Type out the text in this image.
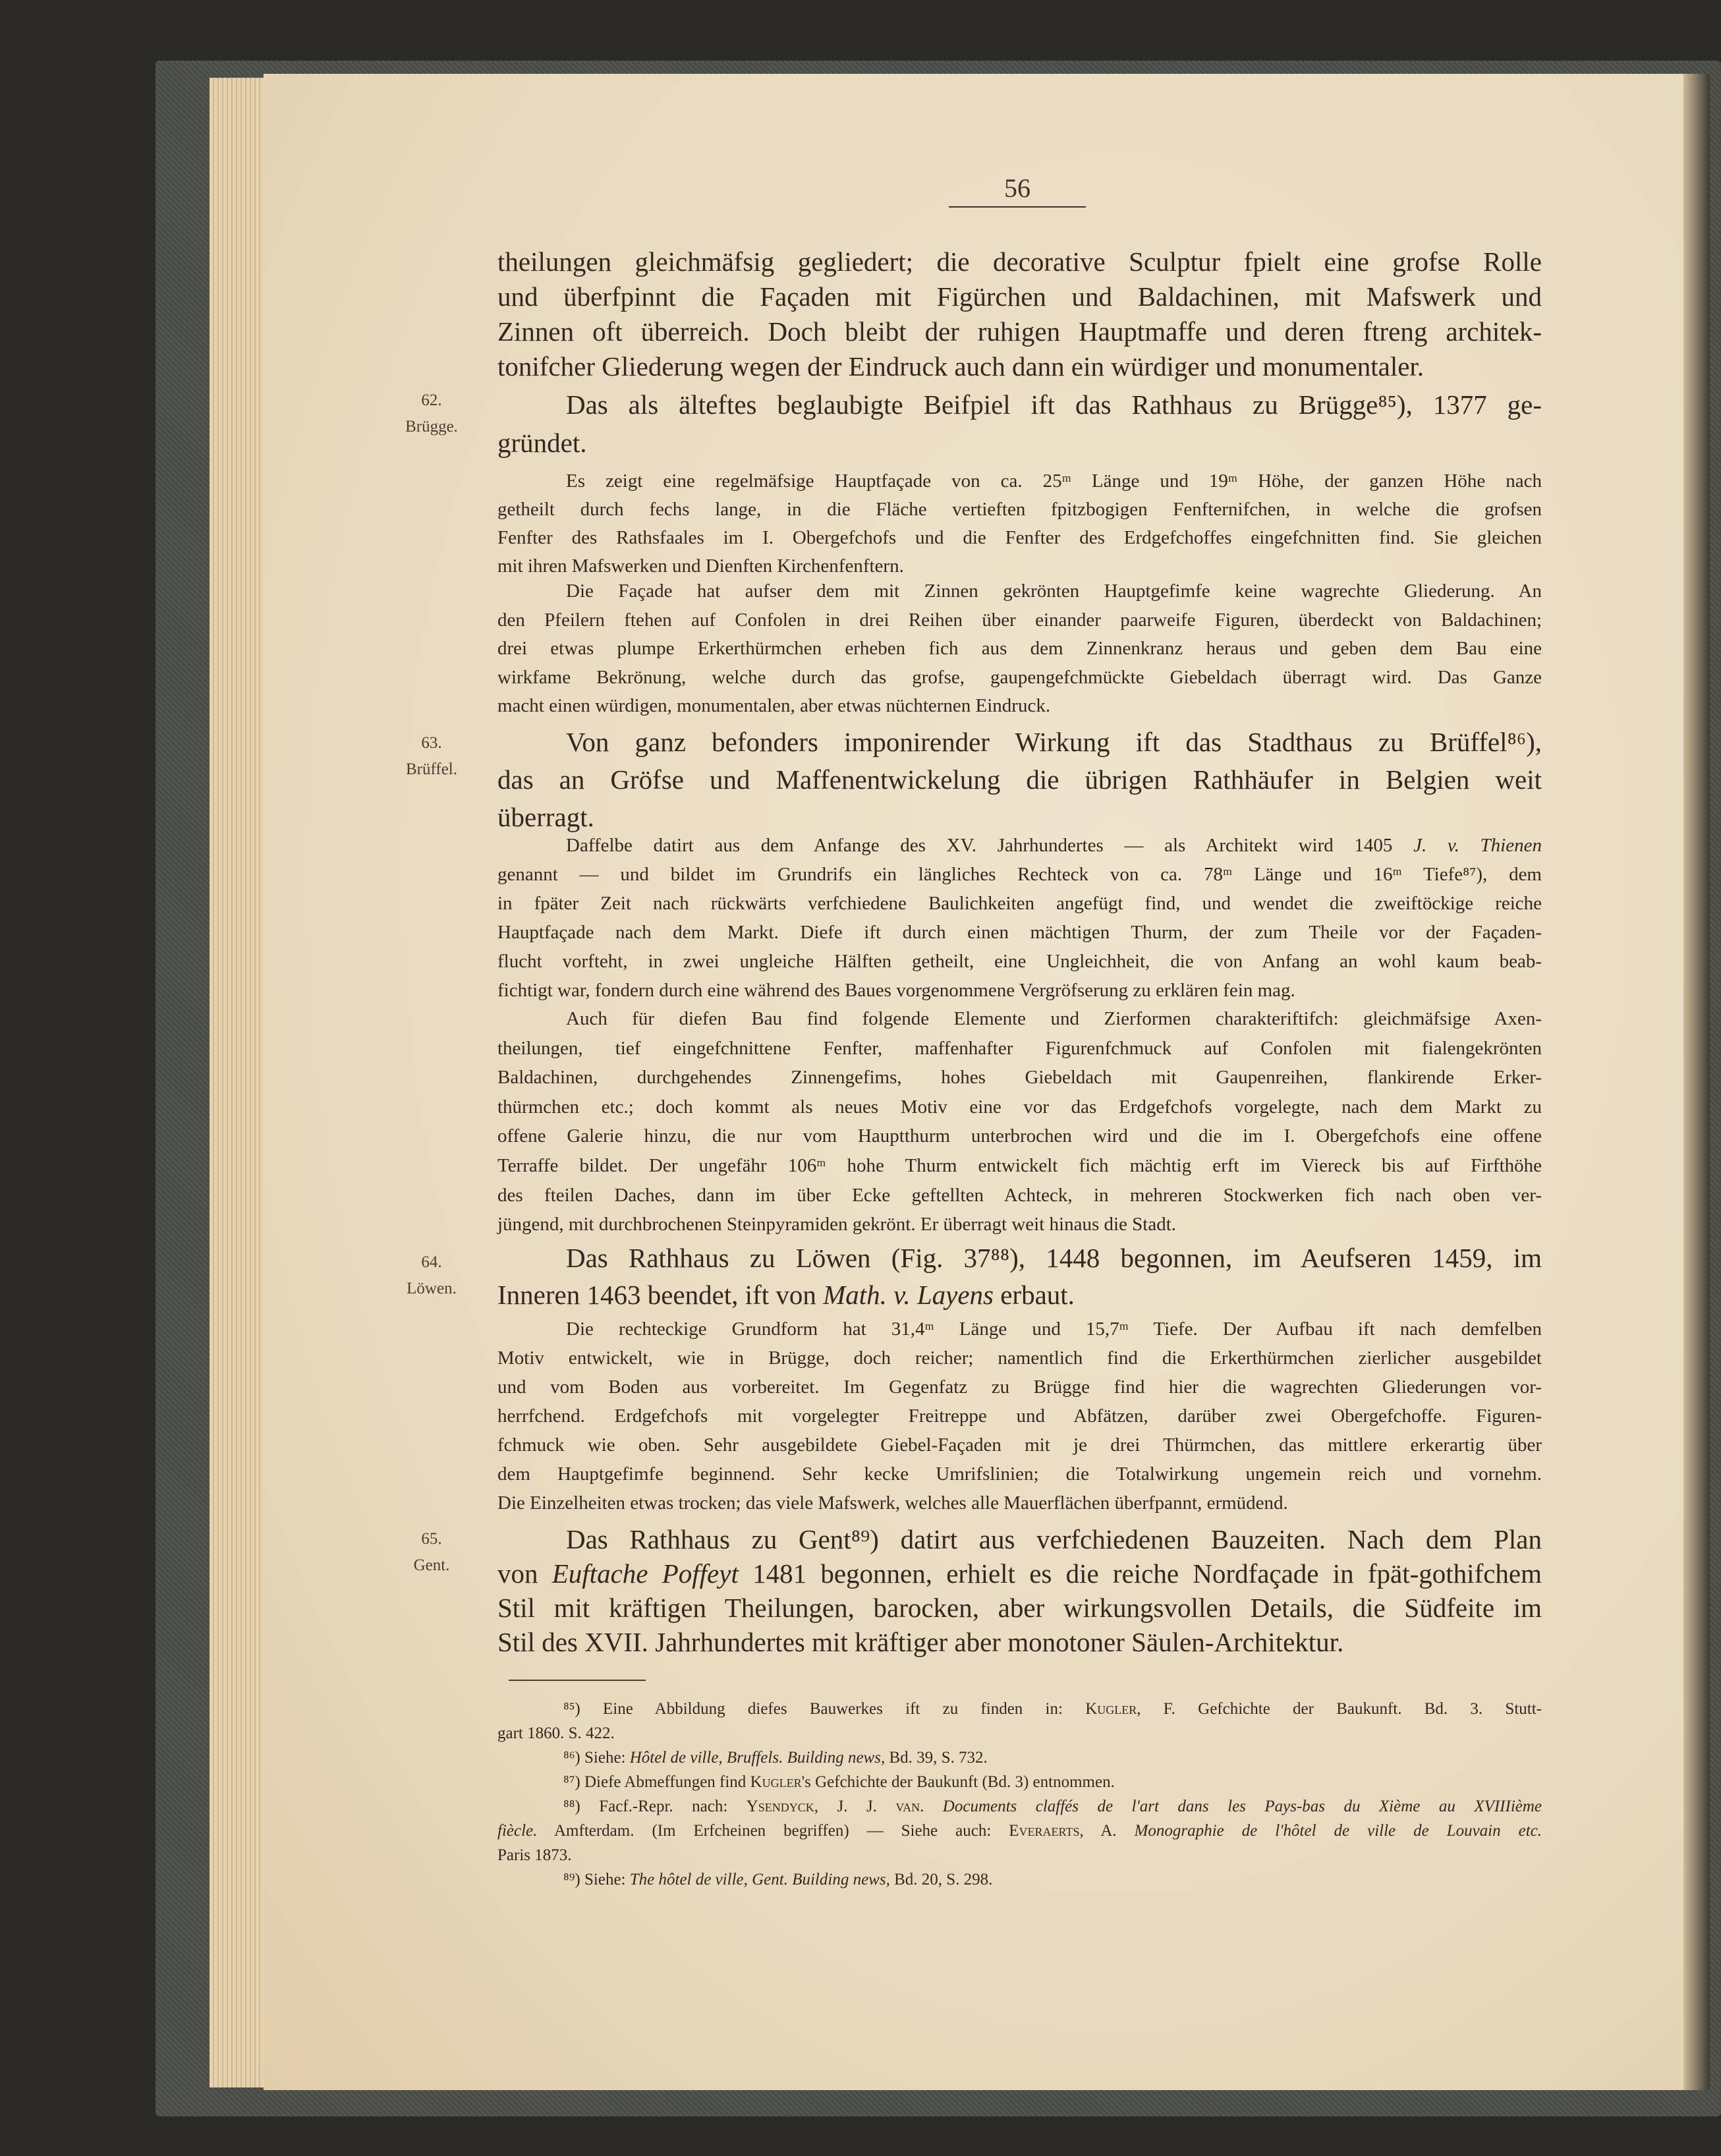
56
62.
Brügge.
63.
Brüffel.
64.
Löwen.
65.
Gent.
theilungen gleichmäfsig gegliedert; die decorative Sculptur fpielt eine grofse Rolle
und überfpinnt die Façaden mit Figürchen und Baldachinen, mit Mafswerk und
Zinnen oft überreich. Doch bleibt der ruhigen Hauptmaffe und deren ftreng architek-
tonifcher Gliederung wegen der Eindruck auch dann ein würdiger und monumentaler.
Das als älteftes beglaubigte Beifpiel ift das Rathhaus zu Brügge⁸⁵), 1377 ge-
gründet.
Es zeigt eine regelmäfsige Hauptfaçade von ca. 25ᵐ Länge und 19ᵐ Höhe, der ganzen Höhe nach
getheilt durch fechs lange, in die Fläche vertieften fpitzbogigen Fenfternifchen, in welche die grofsen
Fenfter des Rathsfaales im I. Obergefchofs und die Fenfter des Erdgefchoffes eingefchnitten find. Sie gleichen
mit ihren Mafswerken und Dienften Kirchenfenftern.
Die Façade hat aufser dem mit Zinnen gekrönten Hauptgefimfe keine wagrechte Gliederung. An
den Pfeilern ftehen auf Confolen in drei Reihen über einander paarweife Figuren, überdeckt von Baldachinen;
drei etwas plumpe Erkerthürmchen erheben fich aus dem Zinnenkranz heraus und geben dem Bau eine
wirkfame Bekrönung, welche durch das grofse, gaupengefchmückte Giebeldach überragt wird. Das Ganze
macht einen würdigen, monumentalen, aber etwas nüchternen Eindruck.
Von ganz befonders imponirender Wirkung ift das Stadthaus zu Brüffel⁸⁶),
das an Gröfse und Maffenentwickelung die übrigen Rathhäufer in Belgien weit
überragt.
Daffelbe datirt aus dem Anfange des XV. Jahrhundertes — als Architekt wird 1405 J. v. Thienen
genannt — und bildet im Grundrifs ein längliches Rechteck von ca. 78ᵐ Länge und 16ᵐ Tiefe⁸⁷), dem
in fpäter Zeit nach rückwärts verfchiedene Baulichkeiten angefügt find, und wendet die zweiftöckige reiche
Hauptfaçade nach dem Markt. Diefe ift durch einen mächtigen Thurm, der zum Theile vor der Façaden-
flucht vorfteht, in zwei ungleiche Hälften getheilt, eine Ungleichheit, die von Anfang an wohl kaum beab-
fichtigt war, fondern durch eine während des Baues vorgenommene Vergröfserung zu erklären fein mag.
Auch für diefen Bau find folgende Elemente und Zierformen charakteriftifch: gleichmäfsige Axen-
theilungen, tief eingefchnittene Fenfter, maffenhafter Figurenfchmuck auf Confolen mit fialengekrönten
Baldachinen, durchgehendes Zinnengefims, hohes Giebeldach mit Gaupenreihen, flankirende Erker-
thürmchen etc.; doch kommt als neues Motiv eine vor das Erdgefchofs vorgelegte, nach dem Markt zu
offene Galerie hinzu, die nur vom Hauptthurm unterbrochen wird und die im I. Obergefchofs eine offene
Terraffe bildet. Der ungefähr 106ᵐ hohe Thurm entwickelt fich mächtig erft im Viereck bis auf Firfthöhe
des fteilen Daches, dann im über Ecke geftellten Achteck, in mehreren Stockwerken fich nach oben ver-
jüngend, mit durchbrochenen Steinpyramiden gekrönt. Er überragt weit hinaus die Stadt.
Das Rathhaus zu Löwen (Fig. 37⁸⁸), 1448 begonnen, im Aeufseren 1459, im
Inneren 1463 beendet, ift von Math. v. Layens erbaut.
Die rechteckige Grundform hat 31,4ᵐ Länge und 15,7ᵐ Tiefe. Der Aufbau ift nach demfelben
Motiv entwickelt, wie in Brügge, doch reicher; namentlich find die Erkerthürmchen zierlicher ausgebildet
und vom Boden aus vorbereitet. Im Gegenfatz zu Brügge find hier die wagrechten Gliederungen vor-
herrfchend. Erdgefchofs mit vorgelegter Freitreppe und Abfätzen, darüber zwei Obergefchoffe. Figuren-
fchmuck wie oben. Sehr ausgebildete Giebel-Façaden mit je drei Thürmchen, das mittlere erkerartig über
dem Hauptgefimfe beginnend. Sehr kecke Umrifslinien; die Totalwirkung ungemein reich und vornehm.
Die Einzelheiten etwas trocken; das viele Mafswerk, welches alle Mauerflächen überfpannt, ermüdend.
Das Rathhaus zu Gent⁸⁹) datirt aus verfchiedenen Bauzeiten. Nach dem Plan
von Euftache Poffeyt 1481 begonnen, erhielt es die reiche Nordfaçade in fpät-gothifchem
Stil mit kräftigen Theilungen, barocken, aber wirkungsvollen Details, die Südfeite im
Stil des XVII. Jahrhundertes mit kräftiger aber monotoner Säulen-Architektur.
⁸⁵) Eine Abbildung diefes Bauwerkes ift zu finden in: Kugler, F. Gefchichte der Baukunft. Bd. 3. Stutt-
gart 1860. S. 422.
⁸⁶) Siehe: Hôtel de ville, Bruffels. Building news, Bd. 39, S. 732.
⁸⁷) Diefe Abmeffungen find Kugler's Gefchichte der Baukunft (Bd. 3) entnommen.
⁸⁸) Facf.-Repr. nach: Ysendyck, J. J. van. Documents claffés de l'art dans les Pays-bas du Xième au XVIIIième
fiècle. Amfterdam. (Im Erfcheinen begriffen) — Siehe auch: Everaerts, A. Monographie de l'hôtel de ville de Louvain etc.
Paris 1873.
⁸⁹) Siehe: The hôtel de ville, Gent. Building news, Bd. 20, S. 298.
